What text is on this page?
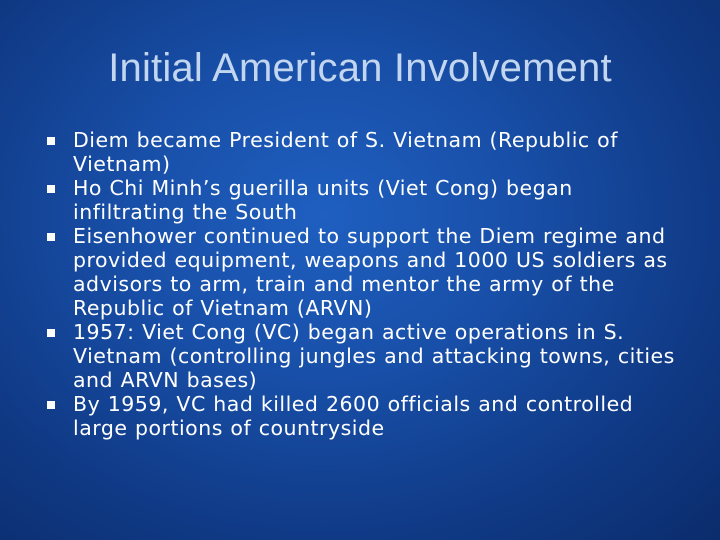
Initial American Involvement
Diem became President of S. Vietnam (Republic of Vietnam)
Ho Chi Minh’s guerilla units (Viet Cong) began infiltrating the South
Eisenhower continued to support the Diem regime and provided equipment, weapons and 1000 US soldiers as advisors to arm, train and mentor the army of the Republic of Vietnam (ARVN)
1957: Viet Cong (VC) began active operations in S. Vietnam (controlling jungles and attacking towns, cities and ARVN bases)
By 1959, VC had killed 2600 officials and controlled large portions of countryside
